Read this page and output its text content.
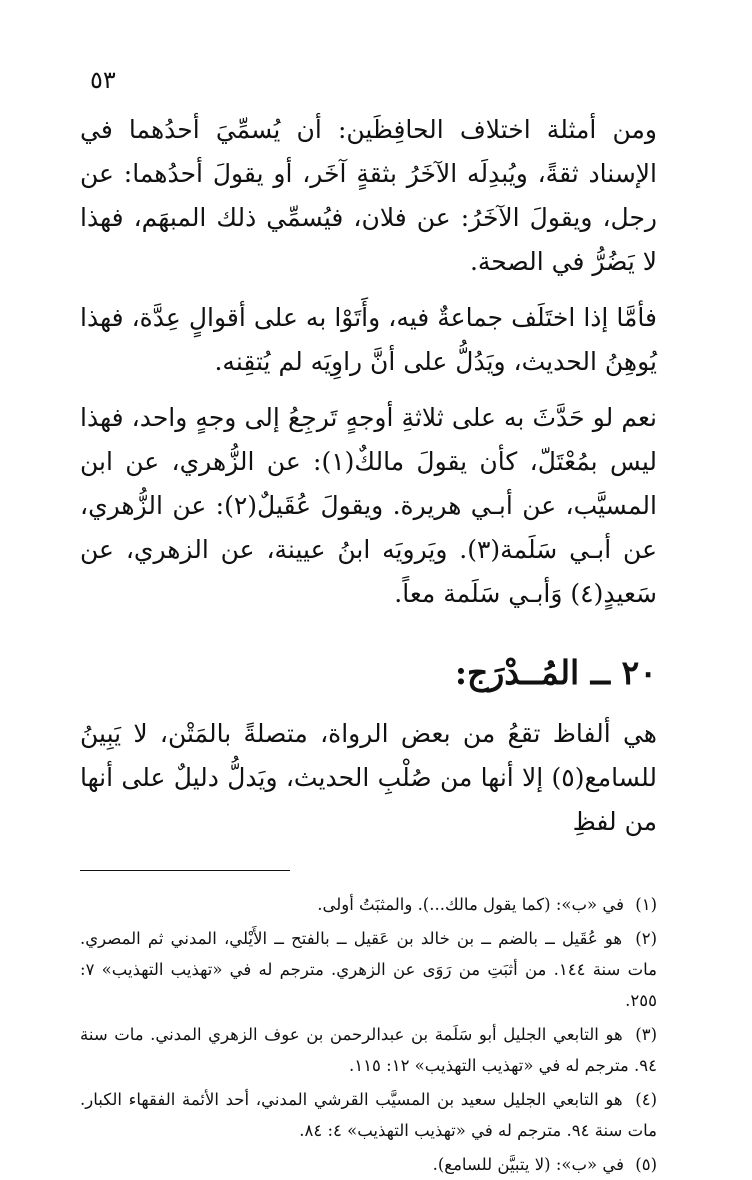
٥٣

ومن أمثلة اختلاف الحافِظَين: أن يُسمِّيَ أحدُهما في الإسناد ثقةً، ويُبدِلَه الآخَرُ بثقةٍ آخَر، أو يقولَ أحدُهما: عن رجل، ويقولَ الآخَرُ: عن فلان، فيُسمِّي ذلك المبهَم، فهذا لا يَضُرُّ في الصحة.

فأمَّا إذا اختَلَف جماعةٌ فيه، وأَتَوْا به على أقوالٍ عِدَّة، فهذا يُوهِنُ الحديث، ويَدُلُّ على أنَّ راوِيَه لم يُتقِنه.

نعم لو حَدَّثَ به على ثلاثةِ أوجهٍ تَرجِعُ إلى وجهٍ واحد، فهذا ليس بمُعْتَلّ، كأن يقولَ مالكٌ(١): عن الزُّهري، عن ابن المسيَّب، عن أبـي هريرة. ويقولَ عُقَيلٌ(٢): عن الزُّهري، عن أبـي سَلَمة(٣). ويَرويَه ابنُ عيينة، عن الزهري، عن سَعيدٍ(٤) وَأبـي سَلَمة معاً.

٢٠ ــ المُــدْرَج:

هي ألفاظ تقعُ من بعض الرواة، متصلةً بالمَتْن، لا يَبِينُ للسامع(٥) إلا أنها من صُلْبِ الحديث، ويَدلُّ دليلٌ على أنها من لفظِ

(١) في «ب»: (كما يقول مالك...). والمثبَتُ أولى.

(٢) هو عُقَيل ــ بالضم ــ بن خالد بن عَقيل ــ بالفتح ــ الأَيْلي، المدني ثم المصري. مات سنة ١٤٤. من أثبَتِ من رَوَى عن الزهري. مترجم له في «تهذيب التهذيب» ٧: ٢٥٥.

(٣) هو التابعي الجليل أبو سَلَمة بن عبدالرحمن بن عوف الزهري المدني. مات سنة ٩٤. مترجم له في «تهذيب التهذيب» ١٢: ١١٥.

(٤) هو التابعي الجليل سعيد بن المسيَّب القرشي المدني، أحد الأئمة الفقهاء الكبار. مات سنة ٩٤. مترجم له في «تهذيب التهذيب» ٤: ٨٤.

(٥) في «ب»: (لا يتبيَّن للسامع).
